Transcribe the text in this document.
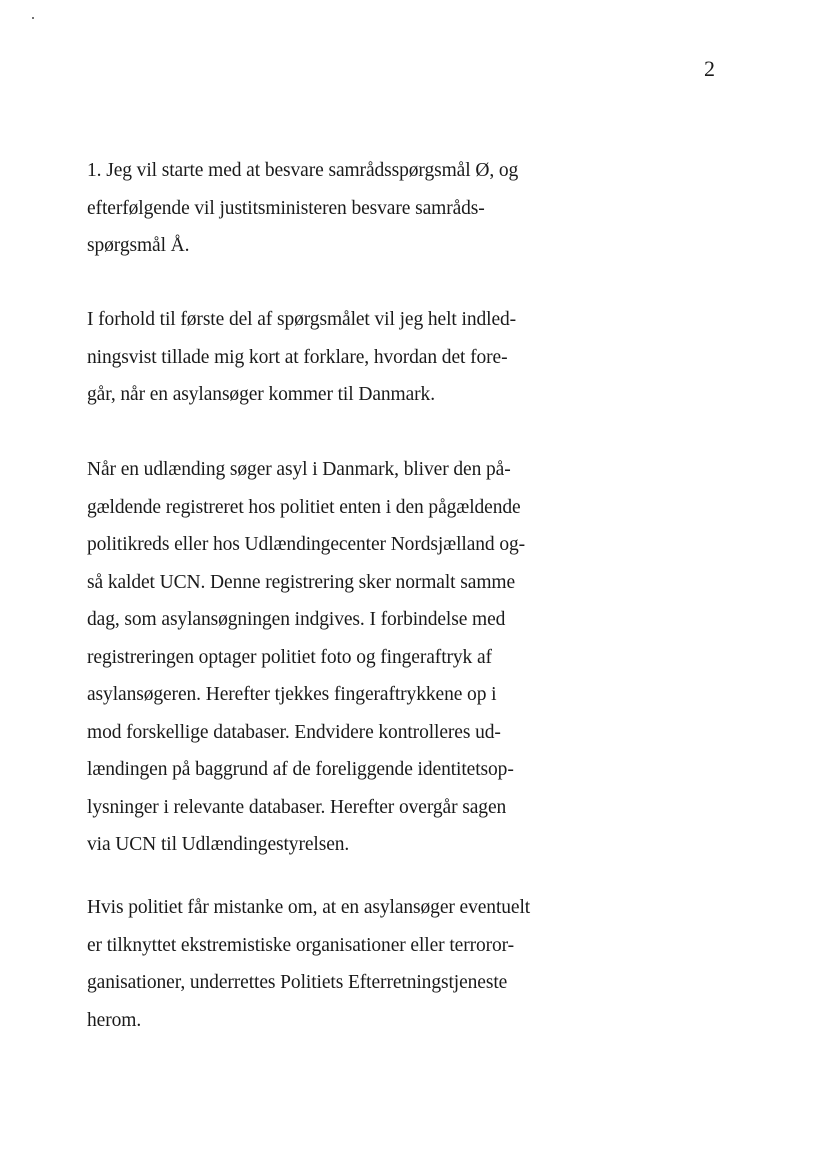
2

1. Jeg vil starte med at besvare samrådsspørgsmål Ø, og
efterfølgende vil justitsministeren besvare samråds-
spørgsmål Å.

I forhold til første del af spørgsmålet vil jeg helt indled-
ningsvist tillade mig kort at forklare, hvordan det fore-
går, når en asylansøger kommer til Danmark.

Når en udlænding søger asyl i Danmark, bliver den på-
gældende registreret hos politiet enten i den pågældende
politikreds eller hos Udlændingecenter Nordsjælland og-
så kaldet UCN. Denne registrering sker normalt samme
dag, som asylansøgningen indgives. I forbindelse med
registreringen optager politiet foto og fingeraftryk af
asylansøgeren. Herefter tjekkes fingeraftrykkene op i
mod forskellige databaser. Endvidere kontrolleres ud-
lændingen på baggrund af de foreliggende identitetsop-
lysninger i relevante databaser. Herefter overgår sagen
via UCN til Udlændingestyrelsen.

Hvis politiet får mistanke om, at en asylansøger eventuelt
er tilknyttet ekstremistiske organisationer eller terroror-
ganisationer, underrettes Politiets Efterretningstjeneste
herom.
